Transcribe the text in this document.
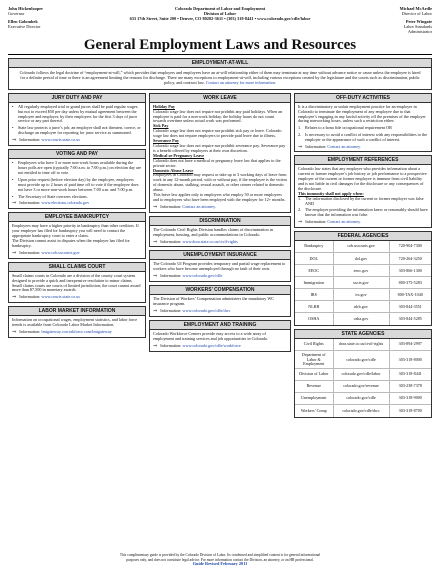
John Hickenlooper
Governor
Ellen Golombek
Executive Director
Colorado Department of Labor and Employment
Division of Labor
633 17th Street, Suite 200 • Denver, CO 80202-3611 • (303) 318-8441 • www.colorado.gov/cdle/labor
Michael McArdle
Director of Labor
Peter Wingate
Labor Standards Administrator
General Employment Laws and Resources
EMPLOYMENT-AT-WILL
Colorado follows the legal doctrine of “employment-at-will,” which provides that employers and employees have an at-will relationship either of them may terminate at any time without advance notice or cause unless the employee is hired for a definite period of time or there is an agreement limiting the reasons for discharge. There are many exceptions to employment-at-will, including various exceptions created by the legislature and the courts such as discrimination, public policy, and contract law. Contact an attorney for more information.
JURY DUTY AND PAY
• All regularly employed trial or grand jurors shall be paid regular wages, but not to exceed $50 per day unless by mutual agreement between the employee and employer, by their employers for the first 3 days of juror service or any part thereof.
• State law protects a juror’s job; an employer shall not threaten, coerce, or discharge an employee for reporting for juror service as summoned.
⇒ Information: www.courts.state.co.us
VOTING AND PAY
• Employees who have 3 or more non-work hours available during the hours polls are open (typically 7:00 a.m. to 7:00 p.m.) on election day are not entitled to time off to vote.
• Upon prior request (before election day) by the employee, employers must provide up to 2 hours of paid time off to vote if the employee does not have 3 or more non-work hours between 7:00 a.m. and 7:00 p.m.
• The Secretary of State oversees elections.
⇒ Information: www.elections.colorado.gov
EMPLOYEE BANKRUPTCY
Employees may have a higher priority in bankruptcy than other creditors. If your employer has filed for bankruptcy you will need to contact the appropriate bankruptcy court to enter a claim.
The Division cannot assist in disputes when the employer has filed for bankruptcy.
⇒ Information: www.cob.uscourts.gov
SMALL CLAIMS COURT
Small claims courts in Colorado are a division of the county court system designed to provide a quick and inexpensive resolution to minor claims. Small claims courts are courts of limited jurisdiction; the court cannot award more than $7,500 in monetary awards.
⇒ Information: www.courts.state.co.us
LABOR MARKET INFORMATION
Information on occupational wages, employment statistics, and labor force trends is available from Colorado Labor Market Information.
⇒ Information: lmigateway.coworkforce.com/lmigateway
WORK LEAVE
Holiday Pay
Colorado wage law does not require nor prohibit any paid holidays. When an employee is paid for a non-work holiday, the holiday hours do not count towards overtime unless actual work was performed.
Sick Pay
Colorado wage law does not require nor prohibit sick pay or leave. Colorado wage law does not require employers to provide paid leave due to illness.
Severance Pay
Colorado wage law does not require nor prohibit severance pay. Severance pay is a benefit offered by employers at their own discretion.
Medical or Pregnancy Leave
Colorado does not have a medical or pregnancy leave law that applies to the private sector.
Domestic Abuse Leave
Employees in Colorado may request or take up to 3 working days of leave from work in any 12-month period, with or without pay, if the employee is the victim of domestic abuse, stalking, sexual assault, or other crimes related to domestic abuse.
This leave law applies only to employers who employ 50 or more employees and to employees who have been employed with the employer for 12+ months.
⇒ Information: Contact an attorney.
DISCRIMINATION
The Colorado Civil Rights Division handles claims of discrimination in employment, housing, and public accommodations in Colorado.
⇒ Information: www.dora.state.co.us/civil-rights
UNEMPLOYMENT INSURANCE
The Colorado UI Program provides temporary and partial wage replacement to workers who have become unemployed through no fault of their own.
⇒ Information: www.colorado.gov/cdle
WORKERS’ COMPENSATION
The Division of Workers’ Compensation administers the mandatory WC insurance program.
⇒ Information: www.colorado.gov/cdle/dwc
EMPLOYMENT AND TRAINING
Colorado Workforce Centers provide easy access to a wide array of employment and training services and job opportunities in Colorado.
⇒ Information: www.colorado.gov/cdle/workforce
OFF-DUTY ACTIVITIES
It is a discriminatory or unfair employment practice for an employer in Colorado to terminate the employment of any employee due to that employee’s engaging in any lawful activity off the premises of the employer during nonworking hours, unless such a restriction either:
1. Relates to a bona fide occupational requirement OR
2. Is necessary to avoid a conflict of interest with any responsibilities to the employer or the appearance of such a conflict of interest.
⇒ Information: Contact an attorney.
EMPLOYMENT REFERENCES
Colorado law states that any employer who provides information about a current or former employee’s job history or job performance to a prospective employer of the current or former employee is immune from civil liability and is not liable in civil damages for the disclosure or any consequences of the disclosure.
This immunity shall not apply when:
1. The information disclosed by the current or former employer was false AND
2. The employer providing the information knew or reasonably should have known that the information was false.
⇒ Information: Contact an attorney.
FEDERAL AGENCIES
Bankruptcy	cob.uscourts.gov	720-904-7300
DOL	dol.gov	720-264-3250
EEOC	eeoc.gov	303-866-1300
Immigration	uscis.gov	800-375-5283
IRS	irs.gov	800-TAX-1040
NLRB	nlrb.gov	303-844-3551
OSHA	osha.gov	303-844-5285
STATE AGENCIES
Civil Rights	dora.state.co.us/civil-rights	303-894-2997
Department of Labor & Employment	colorado.gov/cdle	303-318-8000
Division of Labor	colorado.gov/cdle/labor	303-318-8441
Revenue	colorado.gov/revenue	303-238-7378
Unemployment	colorado.gov/cdle	303-318-9000
Workers’ Comp	colorado.gov/cdle/dwc	303-318-8700
This complimentary guide is provided by the Colorado Division of Labor. Its condensed and simplified content is for general informational
purposes only, and does not constitute legal advice. For more information contact the Division, an attorney, or an HR professional.
Guide Revised February 2011
